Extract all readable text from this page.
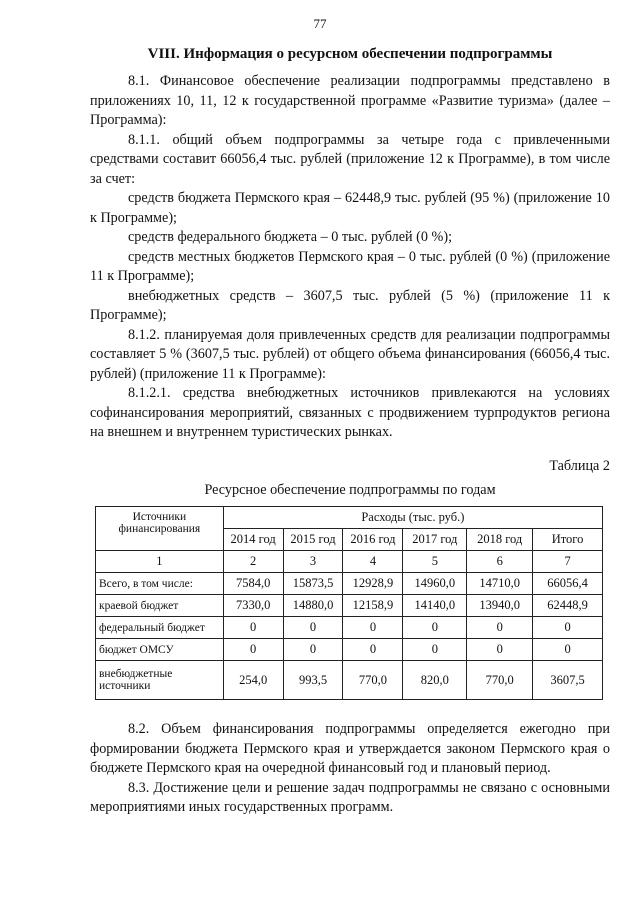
77
VIII. Информация о ресурсном обеспечении подпрограммы

8.1. Финансовое обеспечение реализации подпрограммы представлено в приложениях 10, 11, 12 к государственной программе «Развитие туризма» (далее – Программа):

8.1.1. общий объем подпрограммы за четыре года с привлеченными средствами составит 66056,4 тыс. рублей (приложение 12 к Программе), в том числе за счет:

средств бюджета Пермского края – 62448,9 тыс. рублей (95 %) (приложение 10 к Программе);

средств федерального бюджета – 0 тыс. рублей (0 %);

средств местных бюджетов Пермского края – 0 тыс. рублей (0 %) (приложение 11 к Программе);

внебюджетных средств – 3607,5 тыс. рублей (5 %) (приложение 11 к Программе);

8.1.2. планируемая доля привлеченных средств для реализации подпрограммы составляет 5 % (3607,5 тыс. рублей) от общего объема финансирования (66056,4 тыс. рублей) (приложение 11 к Программе):

8.1.2.1. средства внебюджетных источников привлекаются на условиях софинансирования мероприятий, связанных с продвижением турпродуктов региона на внешнем и внутреннем туристических рынках.

Таблица 2
Ресурсное обеспечение подпрограммы по годам
Источники финансирования	Расходы (тыс. руб.)					
	2014 год	2015 год	2016 год	2017 год	2018 год	Итого
1	2	3	4	5	6	7
Всего, в том числе:	7584,0	15873,5	12928,9	14960,0	14710,0	66056,4
краевой бюджет	7330,0	14880,0	12158,9	14140,0	13940,0	62448,9
федеральный бюджет	0	0	0	0	0	0
бюджет ОМСУ	0	0	0	0	0	0
внебюджетные источники	254,0	993,5	770,0	820,0	770,0	3607,5

8.2. Объем финансирования подпрограммы определяется ежегодно при формировании бюджета Пермского края и утверждается законом Пермского края о бюджете Пермского края на очередной финансовый год и плановый период.

8.3. Достижение цели и решение задач подпрограммы не связано с основными мероприятиями иных государственных программ.
